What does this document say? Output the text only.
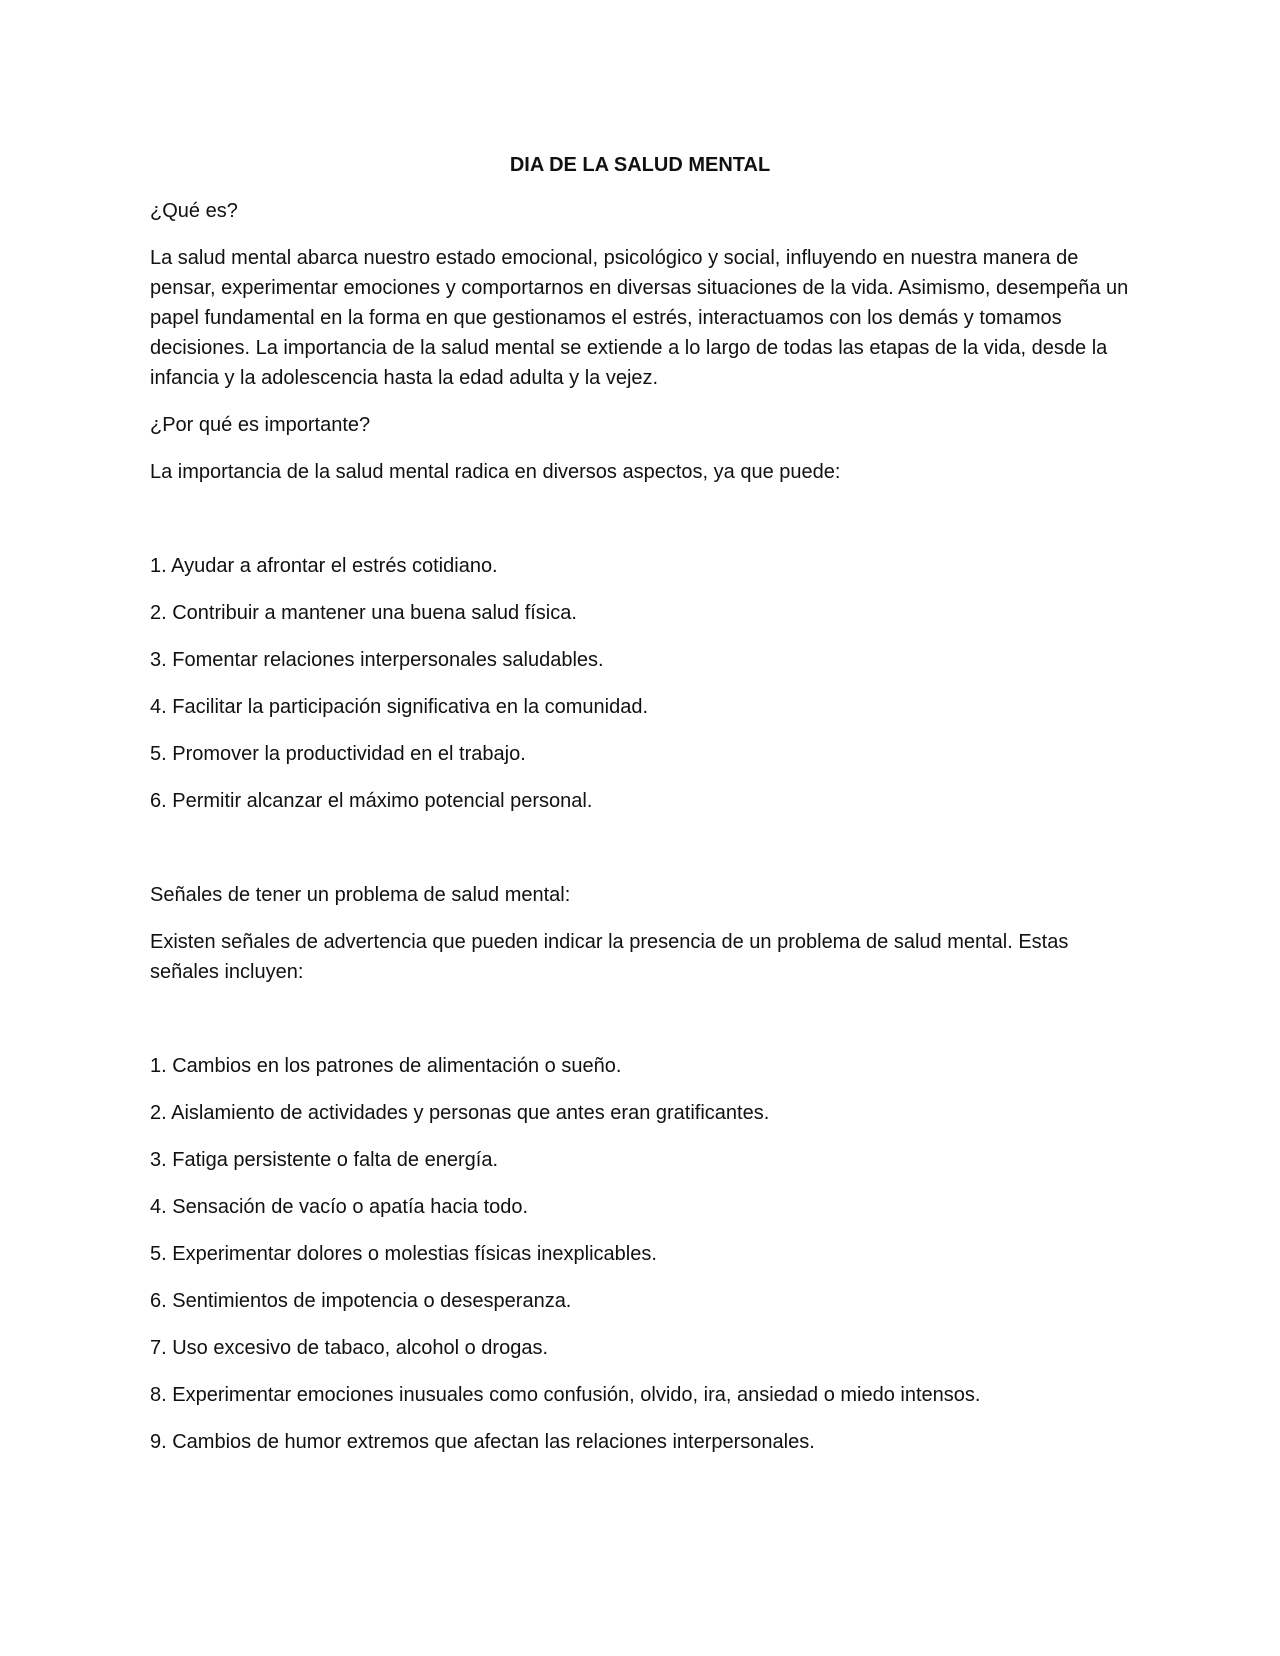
DIA DE LA SALUD MENTAL

¿Qué es?

La salud mental abarca nuestro estado emocional, psicológico y social, influyendo en nuestra manera de pensar, experimentar emociones y comportarnos en diversas situaciones de la vida. Asimismo, desempeña un papel fundamental en la forma en que gestionamos el estrés, interactuamos con los demás y tomamos decisiones. La importancia de la salud mental se extiende a lo largo de todas las etapas de la vida, desde la infancia y la adolescencia hasta la edad adulta y la vejez.

¿Por qué es importante?

La importancia de la salud mental radica en diversos aspectos, ya que puede:

1. Ayudar a afrontar el estrés cotidiano.
2. Contribuir a mantener una buena salud física.
3. Fomentar relaciones interpersonales saludables.
4. Facilitar la participación significativa en la comunidad.
5. Promover la productividad en el trabajo.
6. Permitir alcanzar el máximo potencial personal.

Señales de tener un problema de salud mental:

Existen señales de advertencia que pueden indicar la presencia de un problema de salud mental. Estas señales incluyen:

1. Cambios en los patrones de alimentación o sueño.
2. Aislamiento de actividades y personas que antes eran gratificantes.
3. Fatiga persistente o falta de energía.
4. Sensación de vacío o apatía hacia todo.
5. Experimentar dolores o molestias físicas inexplicables.
6. Sentimientos de impotencia o desesperanza.
7. Uso excesivo de tabaco, alcohol o drogas.
8. Experimentar emociones inusuales como confusión, olvido, ira, ansiedad o miedo intensos.
9. Cambios de humor extremos que afectan las relaciones interpersonales.
